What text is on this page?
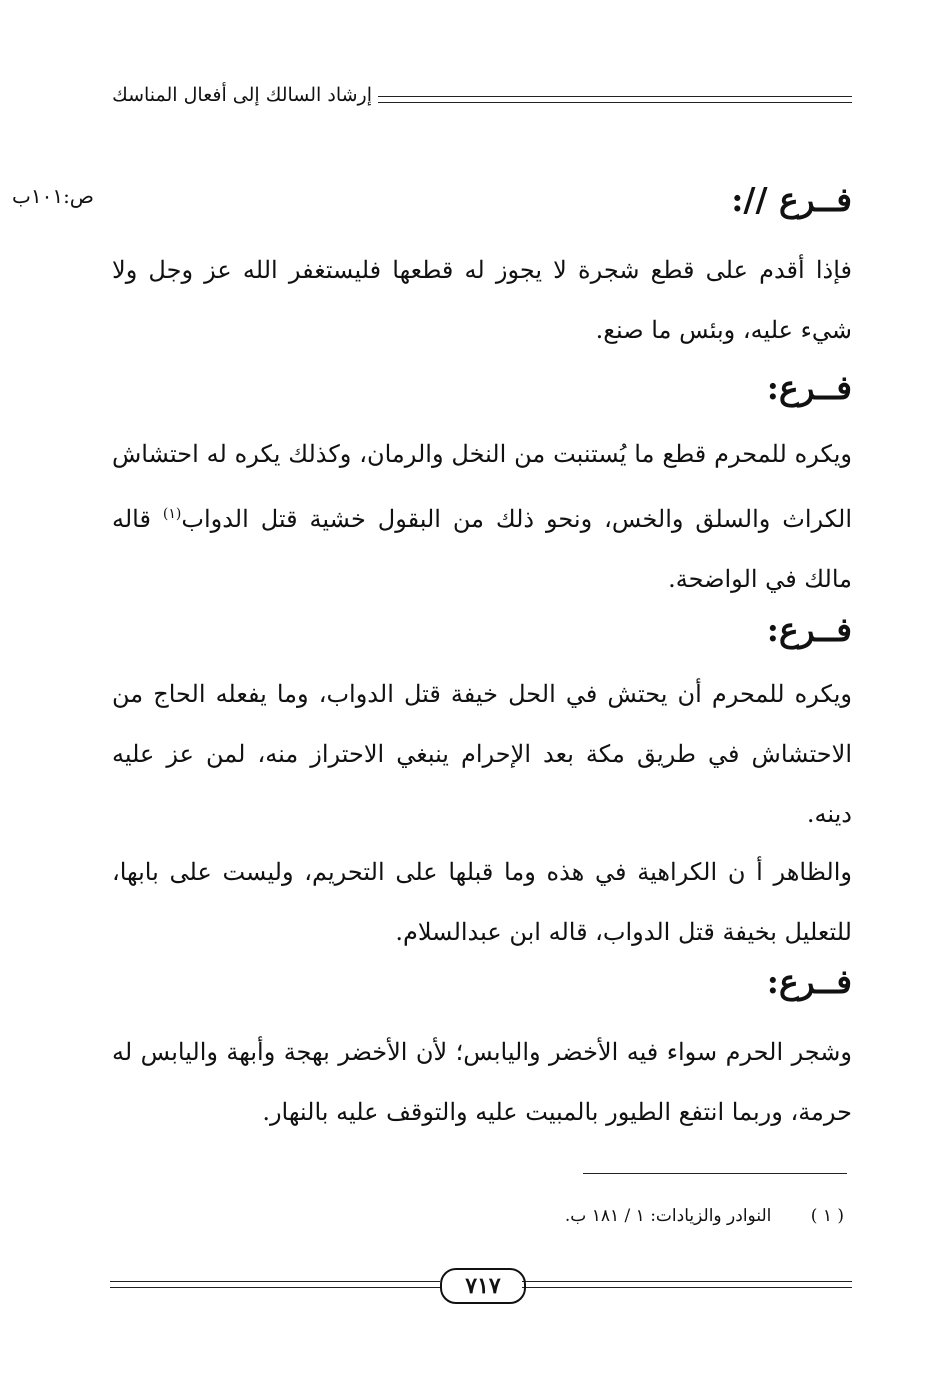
إرشاد السالك إلى أفعال المناسك
ص:١٠١ب	فــرع //:
فإذا أقدم على قطع شجرة لا يجوز له قطعها فليستغفر الله عز وجل ولا شيء عليه، وبئس ما صنع.
فــرع:
ويكره للمحرم قطع ما يُستنبت من النخل والرمان، وكذلك يكره له احتشاش الكراث والسلق والخس، ونحو ذلك من البقول خشية قتل الدواب$^{(١)}$ قاله مالك في الواضحة.
فــرع:
ويكره للمحرم أن يحتش في الحل خيفة قتل الدواب، وما يفعله الحاج من الاحتشاش في طريق مكة بعد الإحرام ينبغي الاحتراز منه، لمن عز عليه دينه.
والظاهر أ ن الكراهية في هذه وما قبلها على التحريم، وليست على بابها، للتعليل بخيفة قتل الدواب، قاله ابن عبدالسلام.
فــرع:
وشجر الحرم سواء فيه الأخضر واليابس؛ لأن الأخضر بهجة وأبهة واليابس له حرمة، وربما انتفع الطيور بالمبيت عليه والتوقف عليه بالنهار.
( ١ ) النوادر والزيادات: ١ / ١٨١ ب.
٧١٧
